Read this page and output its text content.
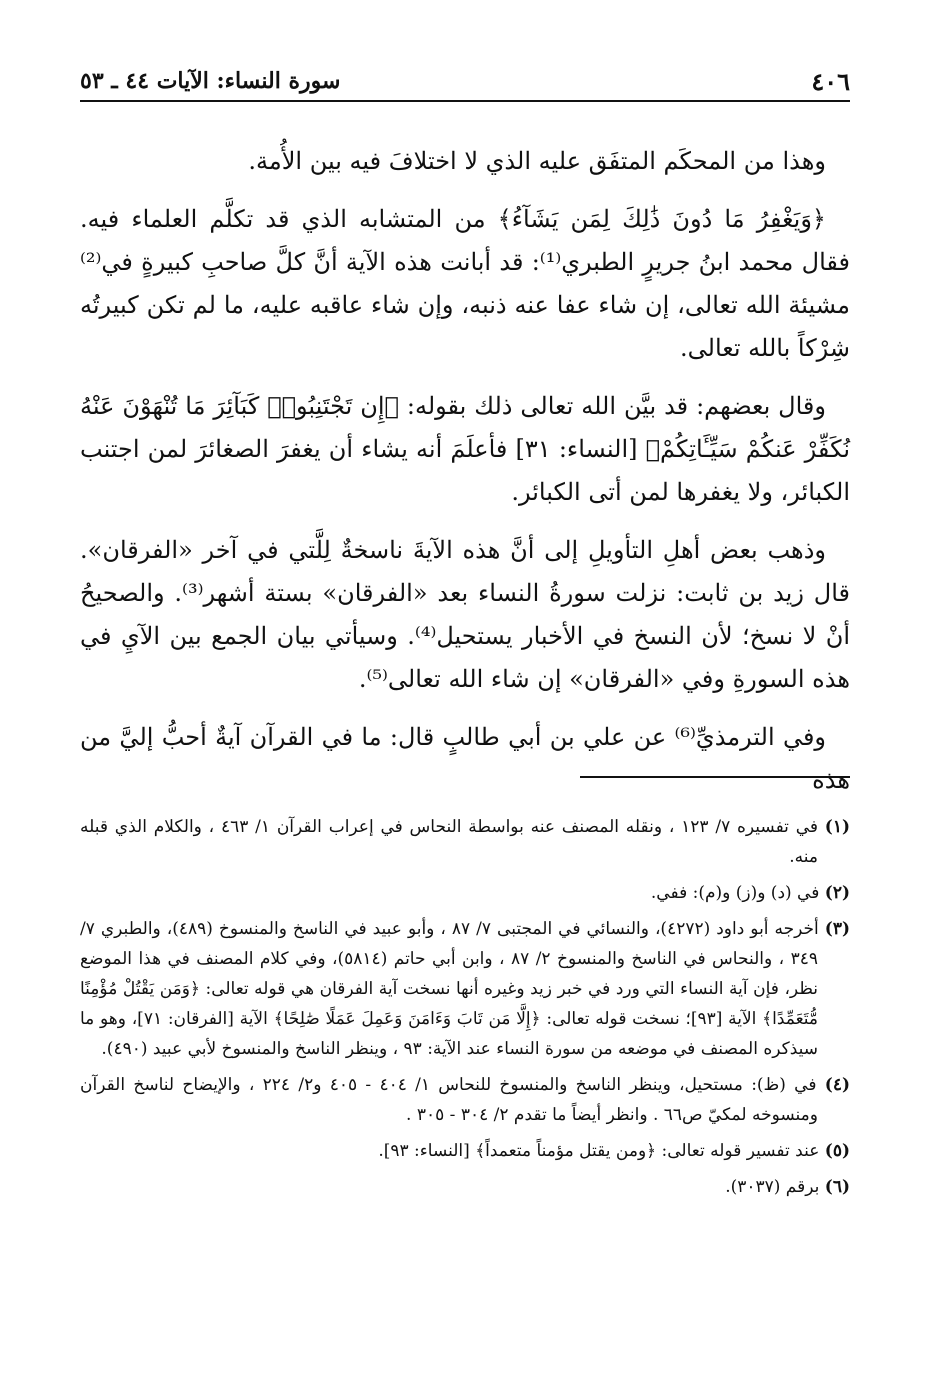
٤٠٦
سورة النساء: الآيات ٤٤ ـ ٥٣

وهذا من المحكَم المتفَق عليه الذي لا اختلافَ فيه بين الأُمة.

﴿وَيَغْفِرُ مَا دُونَ ذَٰلِكَ لِمَن يَشَآءُ﴾ من المتشابه الذي قد تكلَّم العلماء فيه. فقال محمد ابنُ جريرٍ الطبري⁽¹⁾: قد أبانت هذه الآية أنَّ كلَّ صاحبِ كبيرةٍ في⁽²⁾ مشيئة الله تعالى، إن شاء عفا عنه ذنبه، وإن شاء عاقبه عليه، ما لم تكن كبيرتُه شِرْكاً بالله تعالى.

وقال بعضهم: قد بيَّن الله تعالى ذلك بقوله: ﴿إِن تَجْتَنِبُوا۟ كَبَآئِرَ مَا تُنْهَوْنَ عَنْهُ نُكَفِّرْ عَنكُمْ سَيِّـَٔاتِكُمْ﴾ [النساء: ٣١] فأعلَمَ أنه يشاء أن يغفرَ الصغائرَ لمن اجتنب الكبائر، ولا يغفرها لمن أتى الكبائر.

وذهب بعض أهلِ التأويلِ إلى أنَّ هذه الآيةَ ناسخةٌ لِلَّتي في آخر «الفرقان». قال زيد بن ثابت: نزلت سورةُ النساء بعد «الفرقان» بستة أشهر⁽³⁾. والصحيحُ أنْ لا نسخ؛ لأن النسخ في الأخبار يستحيل⁽⁴⁾. وسيأتي بيان الجمع بين الآيِ في هذه السورةِ وفي «الفرقان» إن شاء الله تعالى⁽⁵⁾.

وفي الترمذيِّ⁽⁶⁾ عن علي بن أبي طالبٍ قال: ما في القرآن آيةٌ أحبُّ إليَّ من هذه

(١) في تفسيره ٧/ ١٢٣ ، ونقله المصنف عنه بواسطة النحاس في إعراب القرآن ١/ ٤٦٣ ، والكلام الذي قبله منه.

(٢) في (د) و(ز) و(م): ففي.

(٣) أخرجه أبو داود (٤٢٧٢)، والنسائي في المجتبى ٧/ ٨٧ ، وأبو عبيد في الناسخ والمنسوخ (٤٨٩)، والطبري ٧/ ٣٤٩ ، والنحاس في الناسخ والمنسوخ ٢/ ٨٧ ، وابن أبي حاتم (٥٨١٤)، وفي كلام المصنف في هذا الموضع نظر، فإن آية النساء التي ورد في خبر زيد وغيره أنها نسخت آية الفرقان هي قوله تعالى: ﴿وَمَن يَقْتُلْ مُؤْمِنًا مُّتَعَمِّدًا﴾ الآية [٩٣]؛ نسخت قوله تعالى: ﴿إِلَّا مَن تَابَ وَءَامَنَ وَعَمِلَ عَمَلًا صَٰلِحًا﴾ الآية [الفرقان: ٧١]، وهو ما سيذكره المصنف في موضعه من سورة النساء عند الآية: ٩٣ ، وينظر الناسخ والمنسوخ لأبي عبيد (٤٩٠).

(٤) في (ظ): مستحيل، وينظر الناسخ والمنسوخ للنحاس ١/ ٤٠٤ - ٤٠٥ و٢/ ٢٢٤ ، والإيضاح لناسخ القرآن ومنسوخه لمكيّ ص٦٦ . وانظر أيضاً ما تقدم ٢/ ٣٠٤ - ٣٠٥ .

(٥) عند تفسير قوله تعالى: ﴿ومن يقتل مؤمناً متعمداً﴾ [النساء: ٩٣].

(٦) برقم (٣٠٣٧).
